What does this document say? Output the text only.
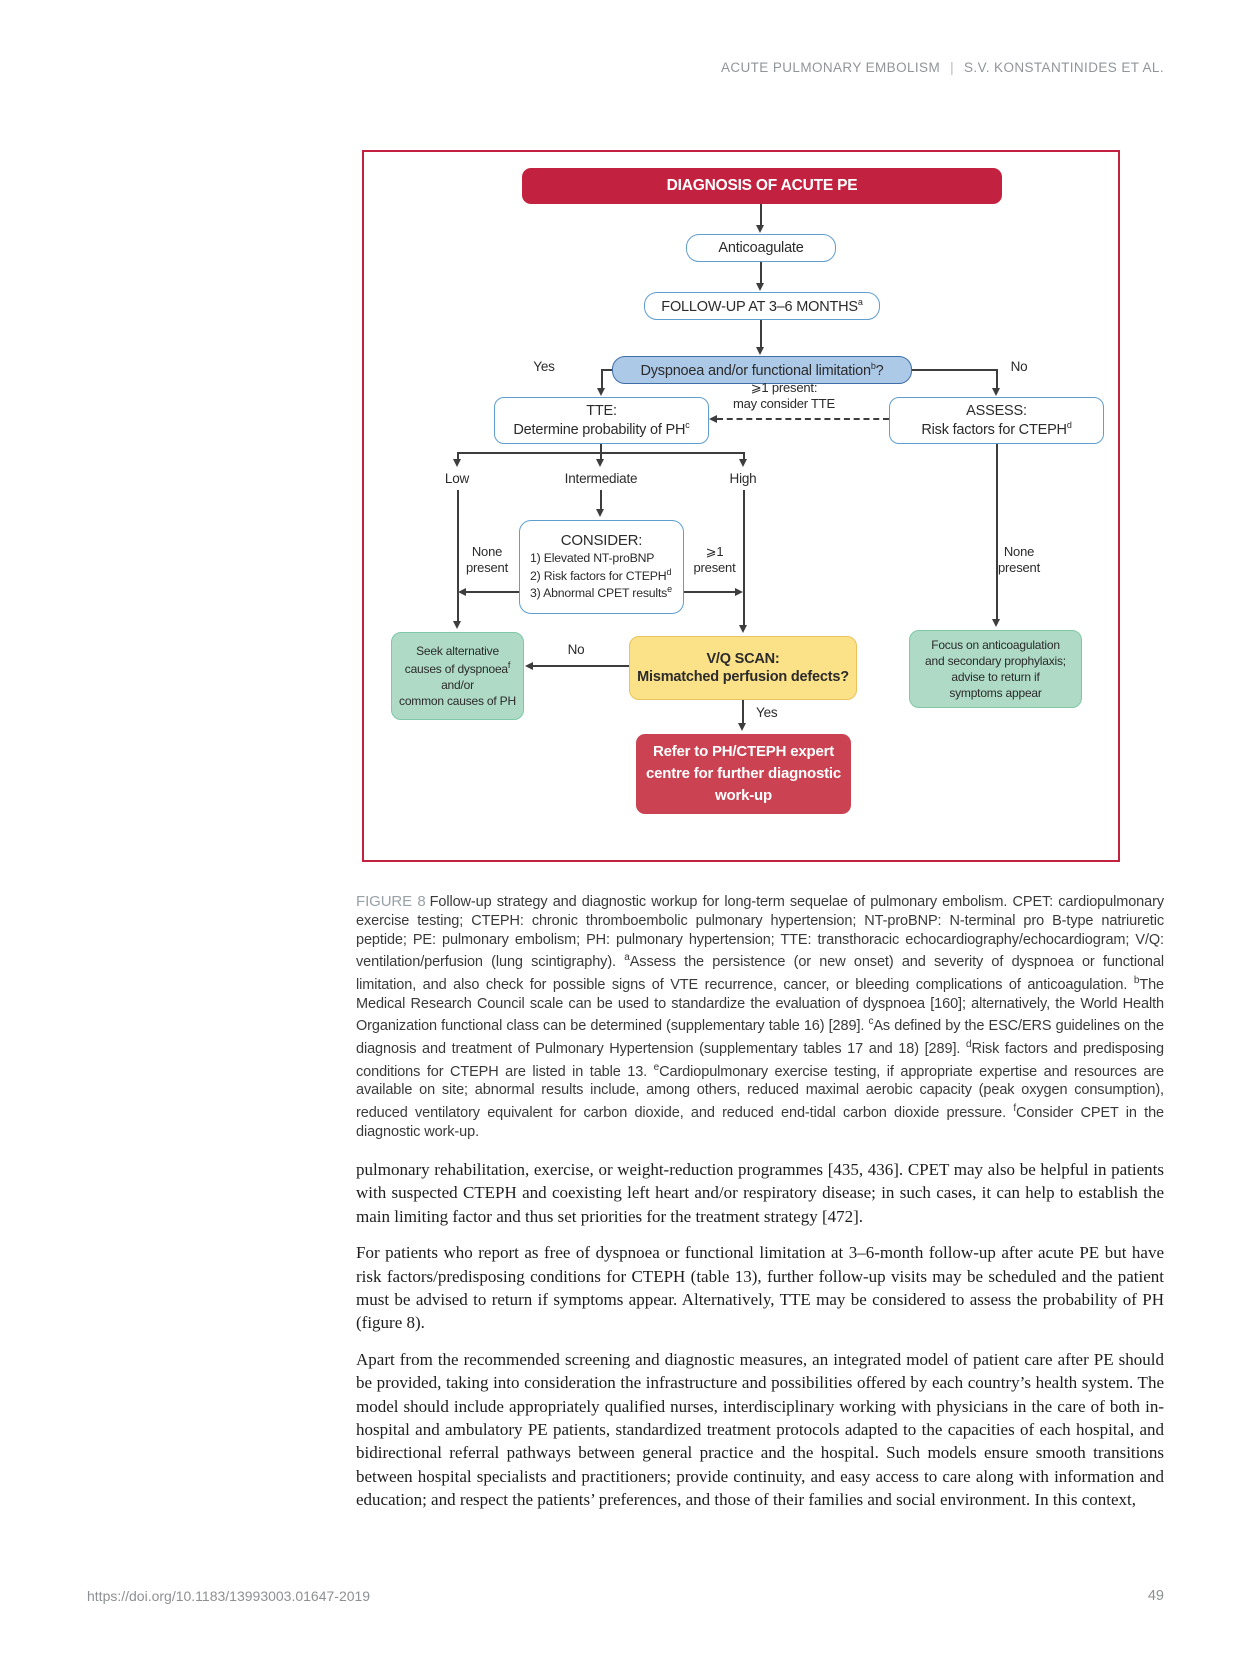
ACUTE PULMONARY EMBOLISM | S.V. KONSTANTINIDES ET AL.
DIAGNOSIS OF ACUTE PE
Anticoagulate
FOLLOW-UP AT 3–6 MONTHS$^a$
Dyspnoea and/or functional limitation$^b$?
Yes	No
TTE:
Determine probability of $PH^c$
ASSESS:
Risk factors for CTEPH$^d$
⩾1 present:
may consider TTE
Low	Intermediate	High
CONSIDER:
1) Elevated NT-proBNP
2) Risk factors for CTEPH$^d$
3) Abnormal CPET results$^e$
None
present
⩾1
present
None
present
Seek alternative
causes of dyspnoea$^f$
and/or
common causes of PH
No
V/Q SCAN:
Mismatched perfusion defects?
Focus on anticoagulation
and secondary prophylaxis;
advise to return if
symptoms appear
Yes
Refer to PH/CTEPH expert
centre for further diagnostic
work-up
FIGURE 8 Follow-up strategy and diagnostic workup for long-term sequelae of pulmonary embolism. CPET: cardiopulmonary exercise testing; CTEPH: chronic thromboembolic pulmonary hypertension; NT-proBNP: N-terminal pro B-type natriuretic peptide; PE: pulmonary embolism; PH: pulmonary hypertension; TTE: transthoracic echocardiography/echocardiogram; V/Q: ventilation/perfusion (lung scintigraphy). $^a$Assess the persistence (or new onset) and severity of dyspnoea or functional limitation, and also check for possible signs of VTE recurrence, cancer, or bleeding complications of anticoagulation. $^b$The Medical Research Council scale can be used to standardize the evaluation of dyspnoea [160]; alternatively, the World Health Organization functional class can be determined (supplementary table 16) [289]. $^c$As defined by the ESC/ERS guidelines on the diagnosis and treatment of Pulmonary Hypertension (supplementary tables 17 and 18) [289]. $^d$Risk factors and predisposing conditions for CTEPH are listed in table 13. $^e$Cardiopulmonary exercise testing, if appropriate expertise and resources are available on site; abnormal results include, among others, reduced maximal aerobic capacity (peak oxygen consumption), reduced ventilatory equivalent for carbon dioxide, and reduced end-tidal carbon dioxide pressure. $^f$Consider CPET in the diagnostic work-up.

pulmonary rehabilitation, exercise, or weight-reduction programmes [435, 436]. CPET may also be helpful in patients with suspected CTEPH and coexisting left heart and/or respiratory disease; in such cases, it can help to establish the main limiting factor and thus set priorities for the treatment strategy [472].

For patients who report as free of dyspnoea or functional limitation at 3–6-month follow-up after acute PE but have risk factors/predisposing conditions for CTEPH (table 13), further follow-up visits may be scheduled and the patient must be advised to return if symptoms appear. Alternatively, TTE may be considered to assess the probability of PH (figure 8).

Apart from the recommended screening and diagnostic measures, an integrated model of patient care after PE should be provided, taking into consideration the infrastructure and possibilities offered by each country’s health system. The model should include appropriately qualified nurses, interdisciplinary working with physicians in the care of both in-hospital and ambulatory PE patients, standardized treatment protocols adapted to the capacities of each hospital, and bidirectional referral pathways between general practice and the hospital. Such models ensure smooth transitions between hospital specialists and practitioners; provide continuity, and easy access to care along with information and education; and respect the patients’ preferences, and those of their families and social environment. In this context,

https://doi.org/10.1183/13993003.01647-2019	49
